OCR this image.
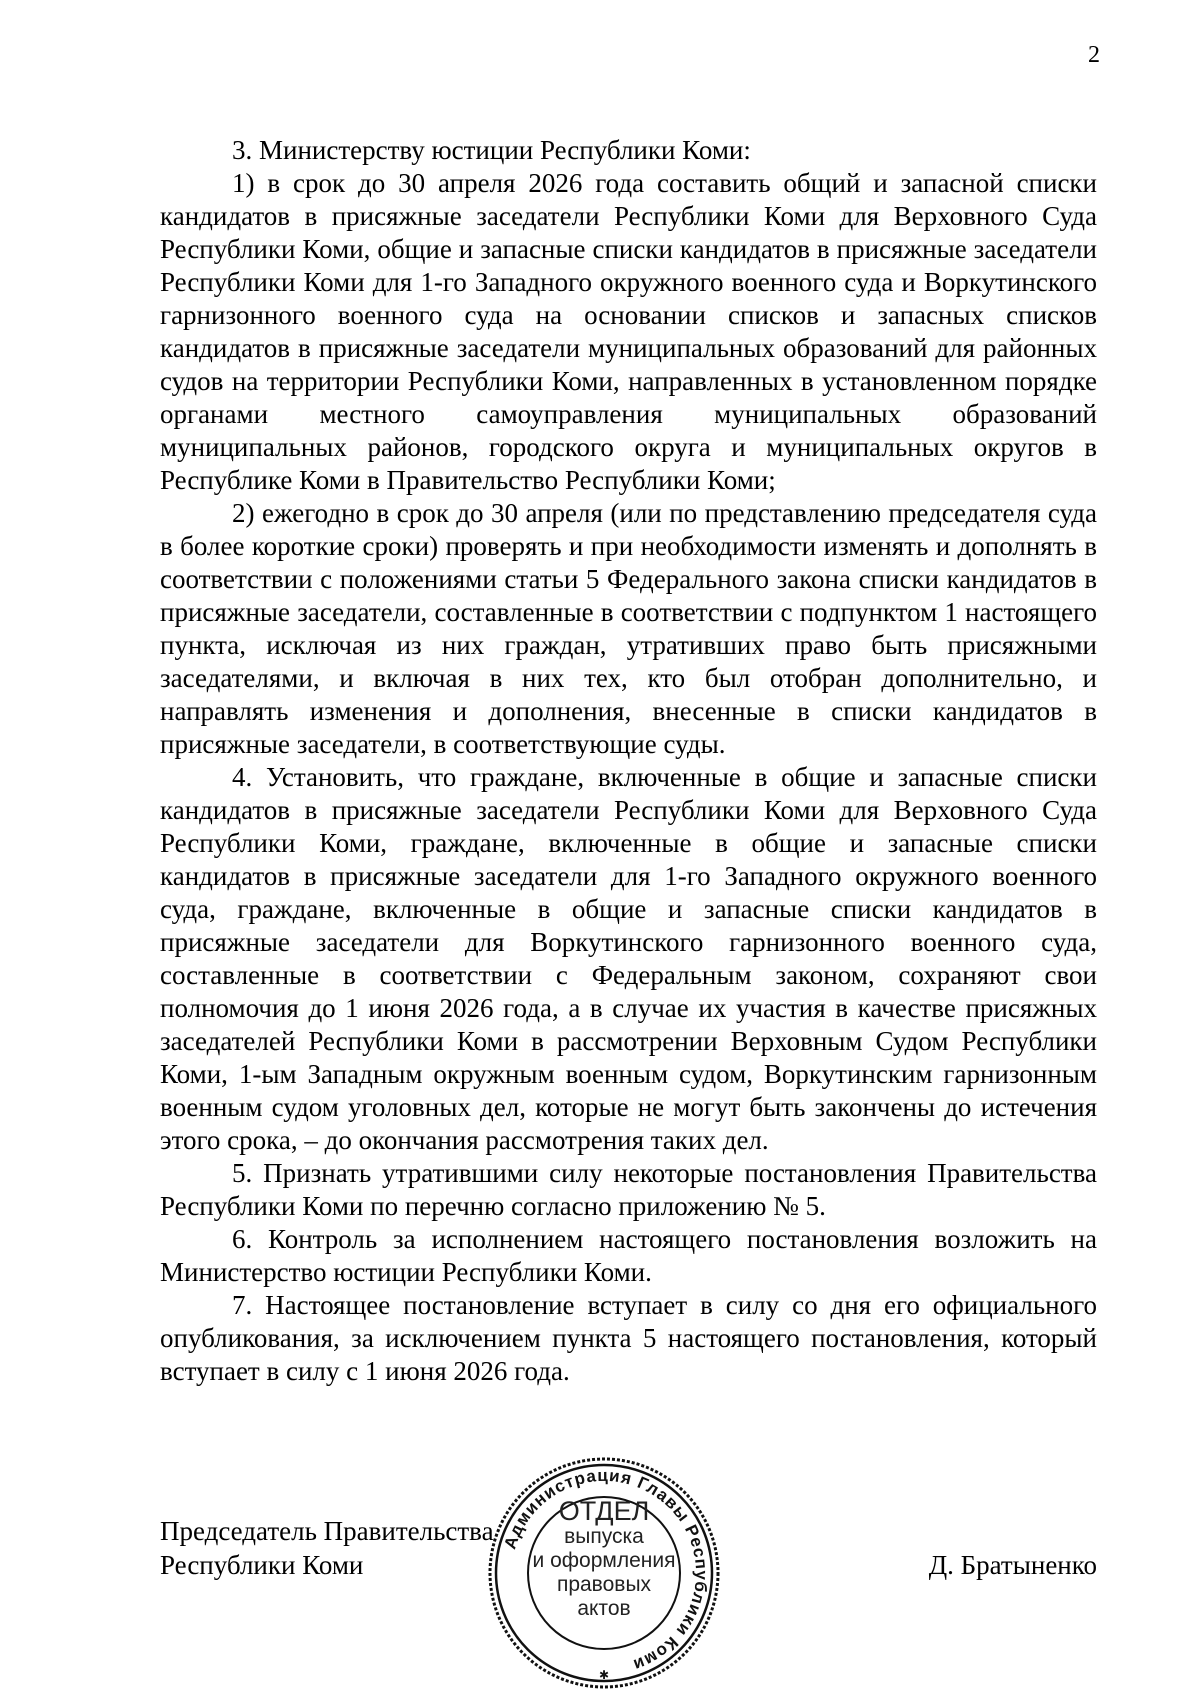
2

3. Министерству юстиции Республики Коми:

1) в срок до 30 апреля 2026 года составить общий и запасной списки кандидатов в присяжные заседатели Республики Коми для Верховного Суда Республики Коми, общие и запасные списки кандидатов в присяжные заседатели Республики Коми для 1-го Западного окружного военного суда и Воркутинского гарнизонного военного суда на основании списков и запасных списков кандидатов в присяжные заседатели муниципальных образований для районных судов на территории Республики Коми, направленных в установленном порядке органами местного самоуправления муниципальных образований муниципальных районов, городского округа и муниципальных округов в Республике Коми в Правительство Республики Коми;

2) ежегодно в срок до 30 апреля (или по представлению председателя суда в более короткие сроки) проверять и при необходимости изменять и дополнять в соответствии с положениями статьи 5 Федерального закона списки кандидатов в присяжные заседатели, составленные в соответствии с подпунктом 1 настоящего пункта, исключая из них граждан, утративших право быть присяжными заседателями, и включая в них тех, кто был отобран дополнительно, и направлять изменения и дополнения, внесенные в списки кандидатов в присяжные заседатели, в соответствующие суды.

4. Установить, что граждане, включенные в общие и запасные списки кандидатов в присяжные заседатели Республики Коми для Верховного Суда Республики Коми, граждане, включенные в общие и запасные списки кандидатов в присяжные заседатели для 1-го Западного окружного военного суда, граждане, включенные в общие и запасные списки кандидатов в присяжные заседатели для Воркутинского гарнизонного военного суда, составленные в соответствии с Федеральным законом, сохраняют свои полномочия до 1 июня 2026 года, а в случае их участия в качестве присяжных заседателей Республики Коми в рассмотрении Верховным Судом Республики Коми, 1-ым Западным окружным военным судом, Воркутинским гарнизонным военным судом уголовных дел, которые не могут быть закончены до истечения этого срока, – до окончания рассмотрения таких дел.

5. Признать утратившими силу некоторые постановления Правительства Республики Коми по перечню согласно приложению № 5.

6. Контроль за исполнением настоящего постановления возложить на Министерство юстиции Республики Коми.

7. Настоящее постановление вступает в силу со дня его официального опубликования, за исключением пункта 5 настоящего постановления, который вступает в силу с 1 июня 2026 года.

Председатель Правительства
Республики Коми	Д. Братыненко
Администрация Главы Республики Коми
✱
ОТДЕЛ
выпуска
и оформления
правовых
актов
